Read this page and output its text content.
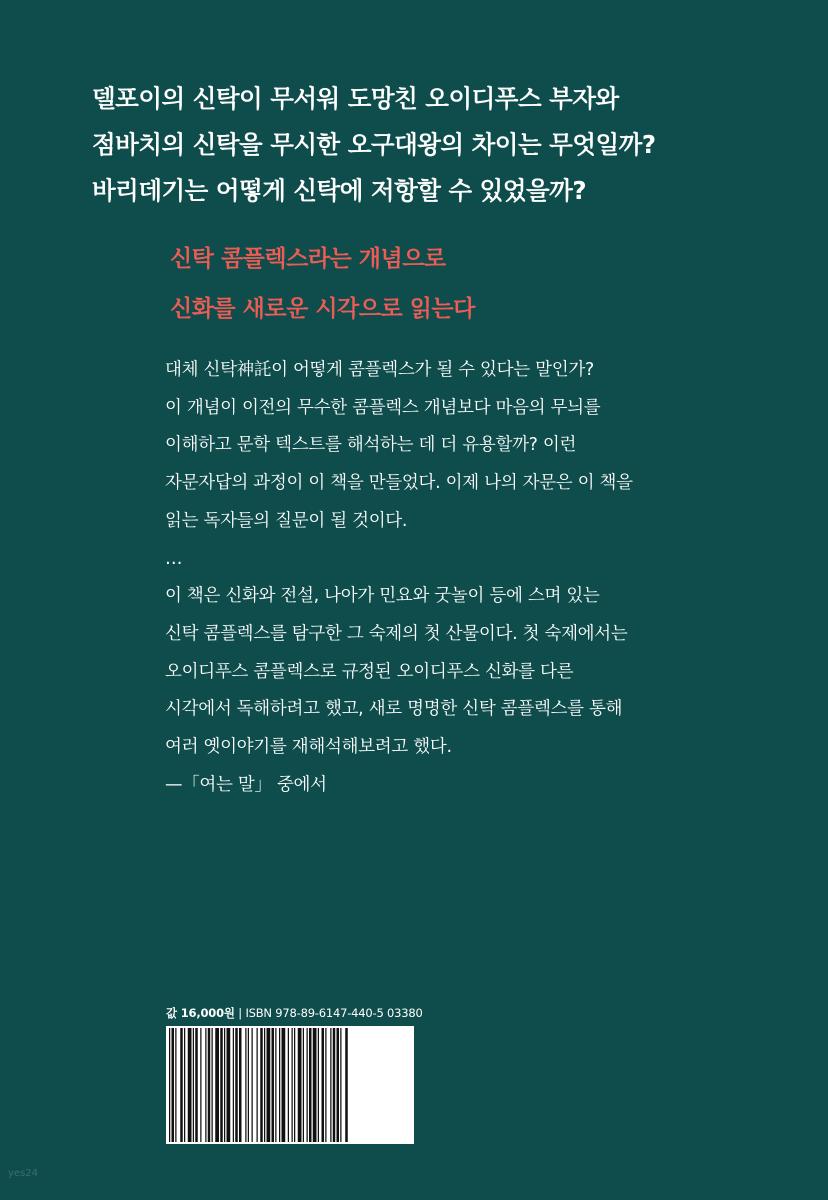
델포이의 신탁이 무서워 도망친 오이디푸스 부자와
점바치의 신탁을 무시한 오구대왕의 차이는 무엇일까?
바리데기는 어떻게 신탁에 저항할 수 있었을까?
신탁 콤플렉스라는 개념으로
신화를 새로운 시각으로 읽는다
대체 신탁神託이 어떻게 콤플렉스가 될 수 있다는 말인가?
이 개념이 이전의 무수한 콤플렉스 개념보다 마음의 무늬를
이해하고 문학 텍스트를 해석하는 데 더 유용할까? 이런
자문자답의 과정이 이 책을 만들었다. 이제 나의 자문은 이 책을
읽는 독자들의 질문이 될 것이다.
…
이 책은 신화와 전설, 나아가 민요와 굿놀이 등에 스며 있는
신탁 콤플렉스를 탐구한 그 숙제의 첫 산물이다. 첫 숙제에서는
오이디푸스 콤플렉스로 규정된 오이디푸스 신화를 다른
시각에서 독해하려고 했고, 새로 명명한 신탁 콤플렉스를 통해
여러 옛이야기를 재해석해보려고 했다.
—「여는 말」 중에서
값 16,000원 | ISBN 978-89-6147-440-5 03380
yes24
